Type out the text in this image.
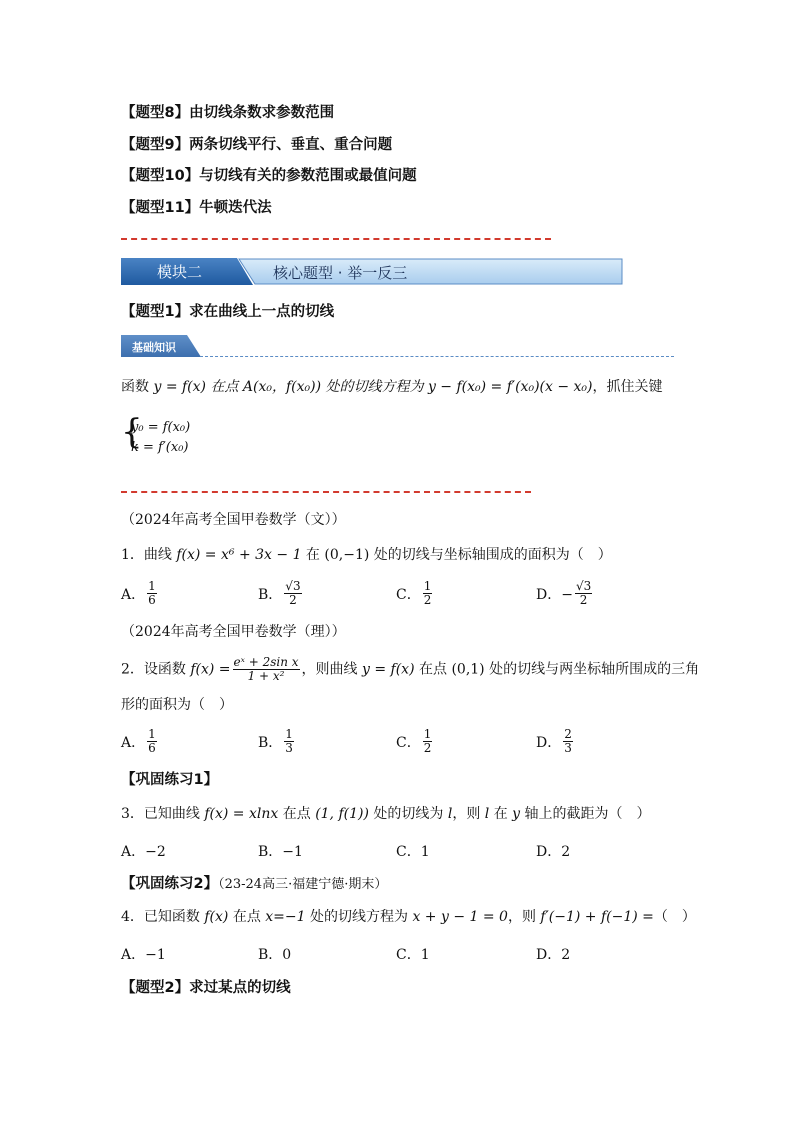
【题型8】由切线条数求参数范围
【题型9】两条切线平行、垂直、重合问题
【题型10】与切线有关的参数范围或最值问题
【题型11】牛顿迭代法
模块二	核心题型 · 举一反三
【题型1】求在曲线上一点的切线
基础知识
函数 y = f(x) 在点 A(x₀，f(x₀)) 处的切线方程为 y − f(x₀) = f′(x₀)(x − x₀)，抓住关键
{
y₀ = f(x₀)
k = f′(x₀)
（2024年高考全国甲卷数学（文））
1．曲线 f(x) = x⁶ + 3x − 1 在 (0,−1) 处的切线与坐标轴围成的面积为（　）
A． $\frac{1}{6}$	B． $\frac{√3}{2}$	C． $\frac{1}{2}$	D．− $\frac{√3}{2}$
（2024年高考全国甲卷数学（理））
2．设函数 $f(x) = \frac{\text{eˣ + 2sin x}}{\text{1 + x²}}$ ，则曲线 y = f(x) 在点 (0,1) 处的切线与两坐标轴所围成的三角
形的面积为（　）
A． $\frac{1}{6}$	B． $\frac{1}{3}$	C． $\frac{1}{2}$	D． $\frac{2}{3}$
【巩固练习1】
3．已知曲线 f(x) = xlnx 在点 (1, f(1)) 处的切线为 l，则 l 在 y 轴上的截距为（　）
A．−2	B．−1	C．1	D．2
【巩固练习2】（23-24高三·福建宁德·期末）
4．已知函数 f(x) 在点 x=−1 处的切线方程为 x + y − 1 = 0，则 f′(−1) + f(−1) =（　）
A．−1	B．0	C．1	D．2
【题型2】求过某点的切线
